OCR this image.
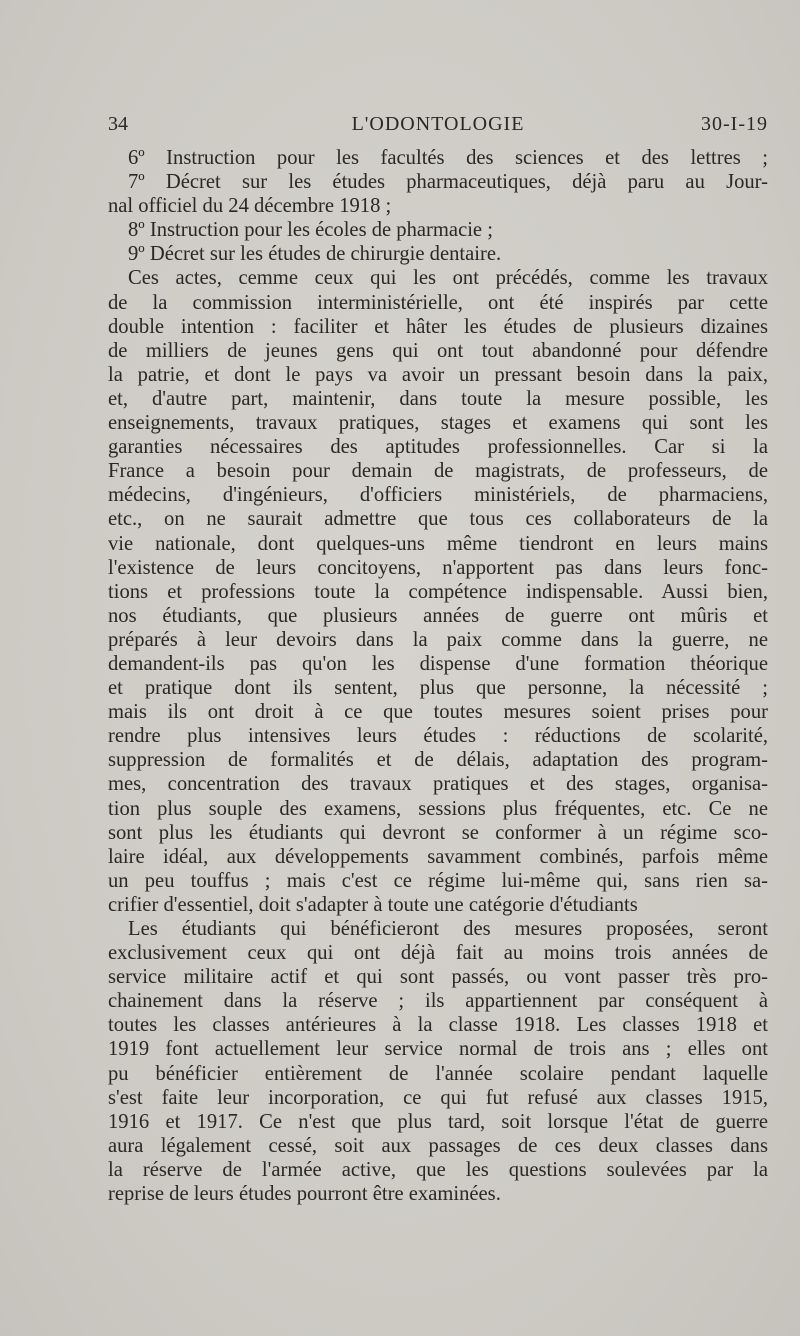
34	L'ODONTOLOGIE	30-I-19
6º Instruction pour les facultés des sciences et des lettres ;
7º Décret sur les études pharmaceutiques, déjà paru au Jour-
nal officiel du 24 décembre 1918 ;
8º Instruction pour les écoles de pharmacie ;
9º Décret sur les études de chirurgie dentaire.
Ces actes, cemme ceux qui les ont précédés, comme les travaux
de la commission interministérielle, ont été inspirés par cette
double intention : faciliter et hâter les études de plusieurs dizaines
de milliers de jeunes gens qui ont tout abandonné pour défendre
la patrie, et dont le pays va avoir un pressant besoin dans la paix,
et, d'autre part, maintenir, dans toute la mesure possible, les
enseignements, travaux pratiques, stages et examens qui sont les
garanties nécessaires des aptitudes professionnelles. Car si la
France a besoin pour demain de magistrats, de professeurs, de
médecins, d'ingénieurs, d'officiers ministériels, de pharmaciens,
etc., on ne saurait admettre que tous ces collaborateurs de la
vie nationale, dont quelques-uns même tiendront en leurs mains
l'existence de leurs concitoyens, n'apportent pas dans leurs fonc-
tions et professions toute la compétence indispensable. Aussi bien,
nos étudiants, que plusieurs années de guerre ont mûris et
préparés à leur devoirs dans la paix comme dans la guerre, ne
demandent-ils pas qu'on les dispense d'une formation théorique
et pratique dont ils sentent, plus que personne, la nécessité ;
mais ils ont droit à ce que toutes mesures soient prises pour
rendre plus intensives leurs études : réductions de scolarité,
suppression de formalités et de délais, adaptation des program-
mes, concentration des travaux pratiques et des stages, organisa-
tion plus souple des examens, sessions plus fréquentes, etc. Ce ne
sont plus les étudiants qui devront se conformer à un régime sco-
laire idéal, aux développements savamment combinés, parfois même
un peu touffus ; mais c'est ce régime lui-même qui, sans rien sa-
crifier d'essentiel, doit s'adapter à toute une catégorie d'étudiants
Les étudiants qui bénéficieront des mesures proposées, seront
exclusivement ceux qui ont déjà fait au moins trois années de
service militaire actif et qui sont passés, ou vont passer très pro-
chainement dans la réserve ; ils appartiennent par conséquent à
toutes les classes antérieures à la classe 1918. Les classes 1918 et
1919 font actuellement leur service normal de trois ans ; elles ont
pu bénéficier entièrement de l'année scolaire pendant laquelle
s'est faite leur incorporation, ce qui fut refusé aux classes 1915,
1916 et 1917. Ce n'est que plus tard, soit lorsque l'état de guerre
aura légalement cessé, soit aux passages de ces deux classes dans
la réserve de l'armée active, que les questions soulevées par la
reprise de leurs études pourront être examinées.
